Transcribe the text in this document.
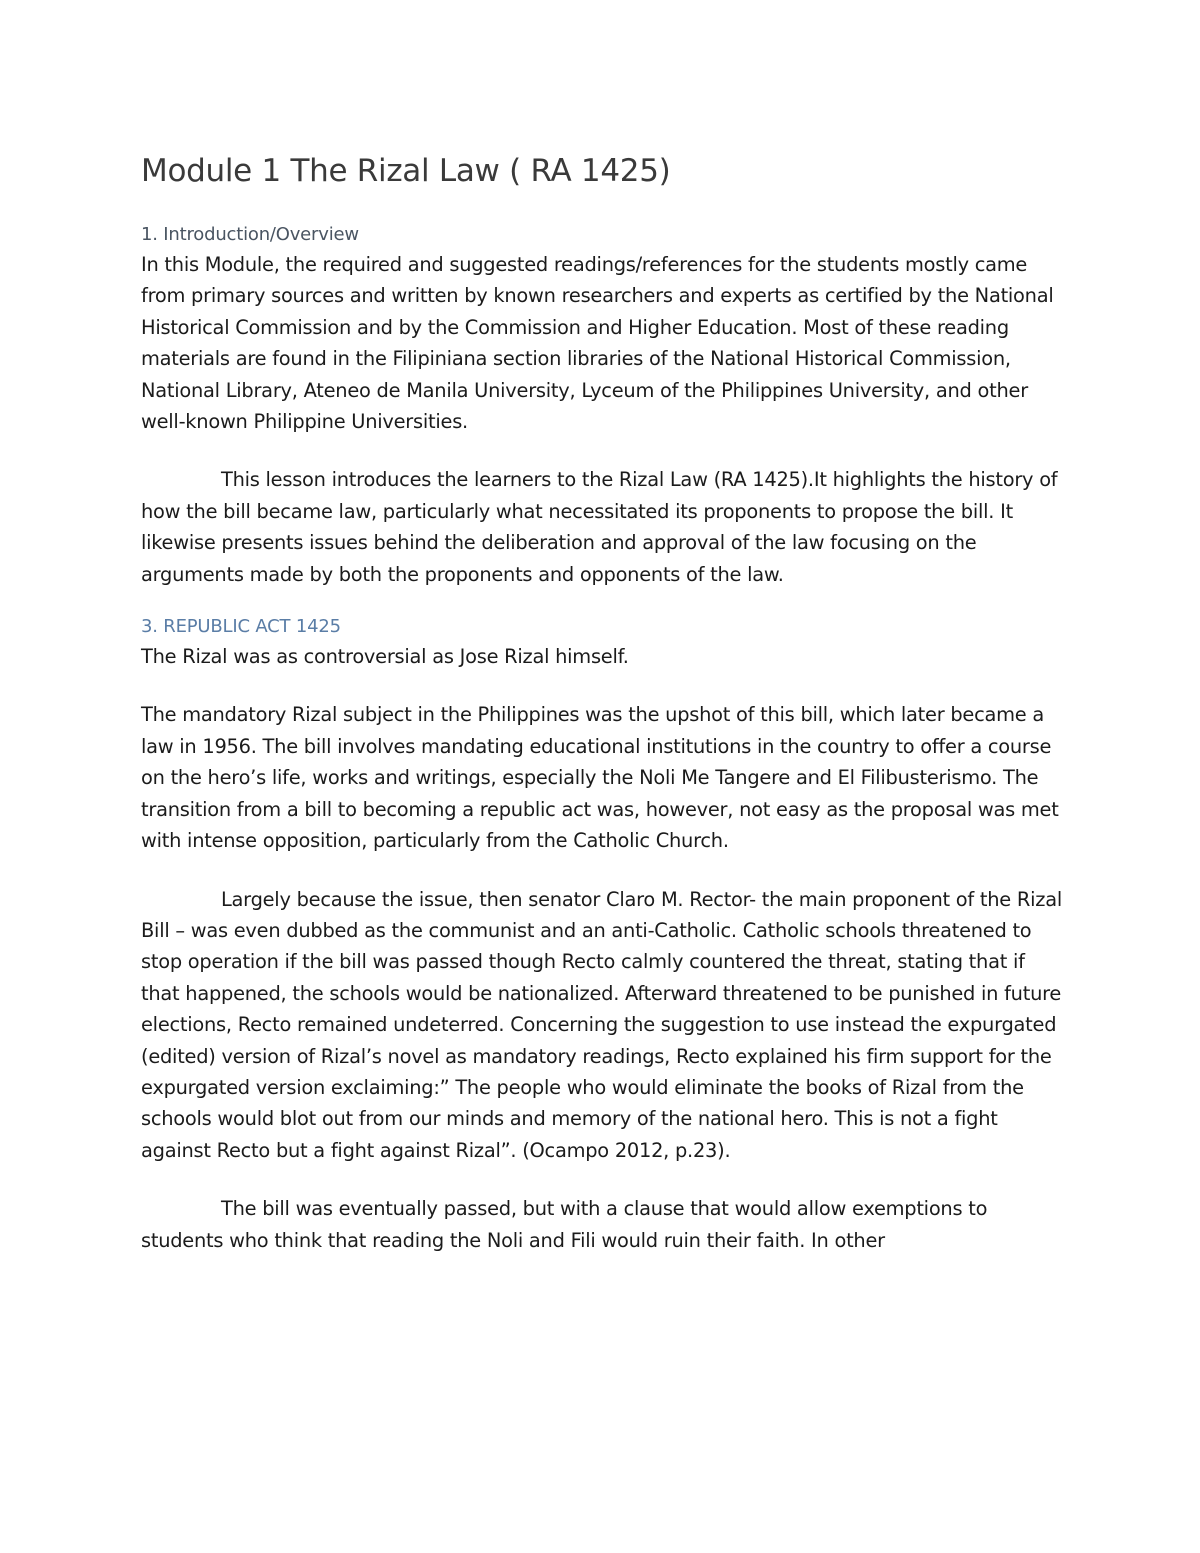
Module 1 The Rizal Law ( RA 1425)
1. Introduction/Overview

In this Module, the required and suggested readings/references for the students mostly came from primary sources and written by known researchers and experts as certified by the National Historical Commission and by the Commission and Higher Education. Most of these reading materials are found in the Filipiniana section libraries of the National Historical Commission, National Library, Ateneo de Manila University, Lyceum of the Philippines University, and other well-known Philippine Universities.

This lesson introduces the learners to the Rizal Law (RA 1425).It highlights the history of how the bill became law, particularly what necessitated its proponents to propose the bill. It likewise presents issues behind the deliberation and approval of the law focusing on the arguments made by both the proponents and opponents of the law.

3. REPUBLIC ACT 1425

The Rizal was as controversial as Jose Rizal himself.

The mandatory Rizal subject in the Philippines was the upshot of this bill, which later became a law in 1956. The bill involves mandating educational institutions in the country to offer a course on the hero’s life, works and writings, especially the Noli Me Tangere and El Filibusterismo. The transition from a bill to becoming a republic act was, however, not easy as the proposal was met with intense opposition, particularly from the Catholic Church.

Largely because the issue, then senator Claro M. Rector- the main proponent of the Rizal Bill – was even dubbed as the communist and an anti-Catholic. Catholic schools threatened to stop operation if the bill was passed though Recto calmly countered the threat, stating that if that happened, the schools would be nationalized. Afterward threatened to be punished in future elections, Recto remained undeterred. Concerning the suggestion to use instead the expurgated (edited) version of Rizal’s novel as mandatory readings, Recto explained his firm support for the expurgated version exclaiming:” The people who would eliminate the books of Rizal from the schools would blot out from our minds and memory of the national hero. This is not a fight against Recto but a fight against Rizal”. (Ocampo 2012, p.23).

The bill was eventually passed, but with a clause that would allow exemptions to students who think that reading the Noli and Fili would ruin their faith. In other
